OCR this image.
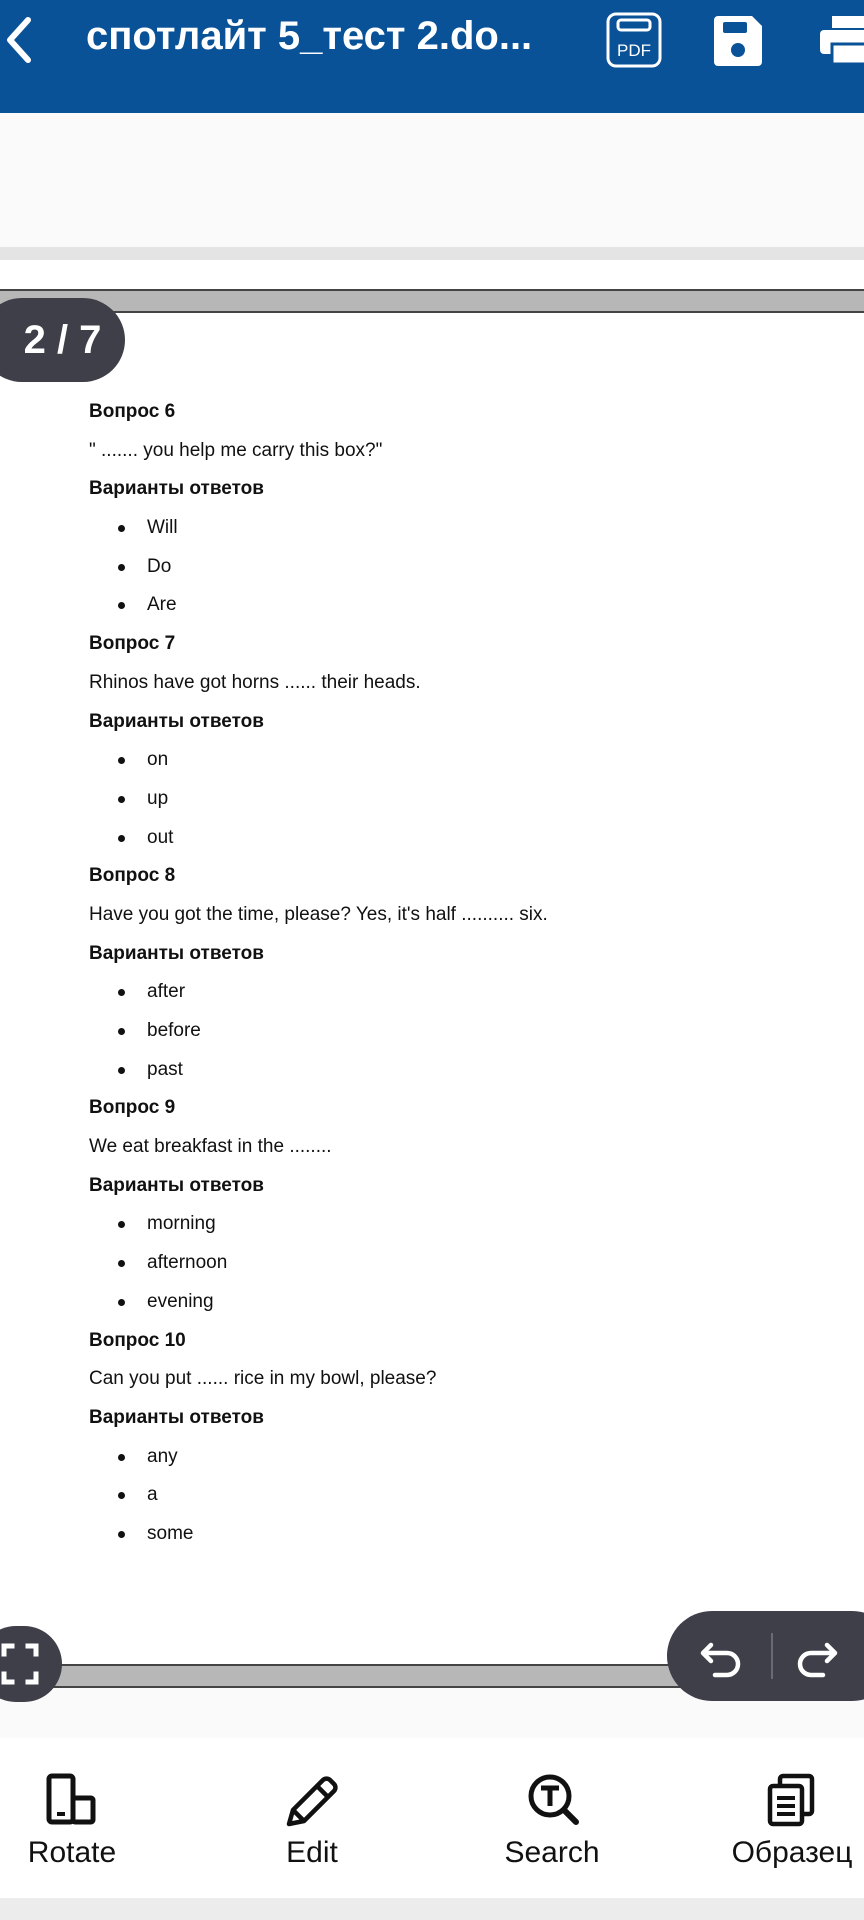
спотлайт 5_тест 2.do...	PDF
2 / 7
Вопрос 6
" ....... you help me carry this box?"
Варианты ответов
Will
Do
Are
Вопрос 7
Rhinos have got horns ...... their heads.
Варианты ответов
on
up
out
Вопрос 8
Have you got the time, please? Yes, it's half .......... six.
Варианты ответов
after
before
past
Вопрос 9
We eat breakfast in the ........
Варианты ответов
morning
afternoon
evening
Вопрос 10
Can you put ...... rice in my bowl, please?
Варианты ответов
any
a
some
Rotate	Edit	Search	Образец
